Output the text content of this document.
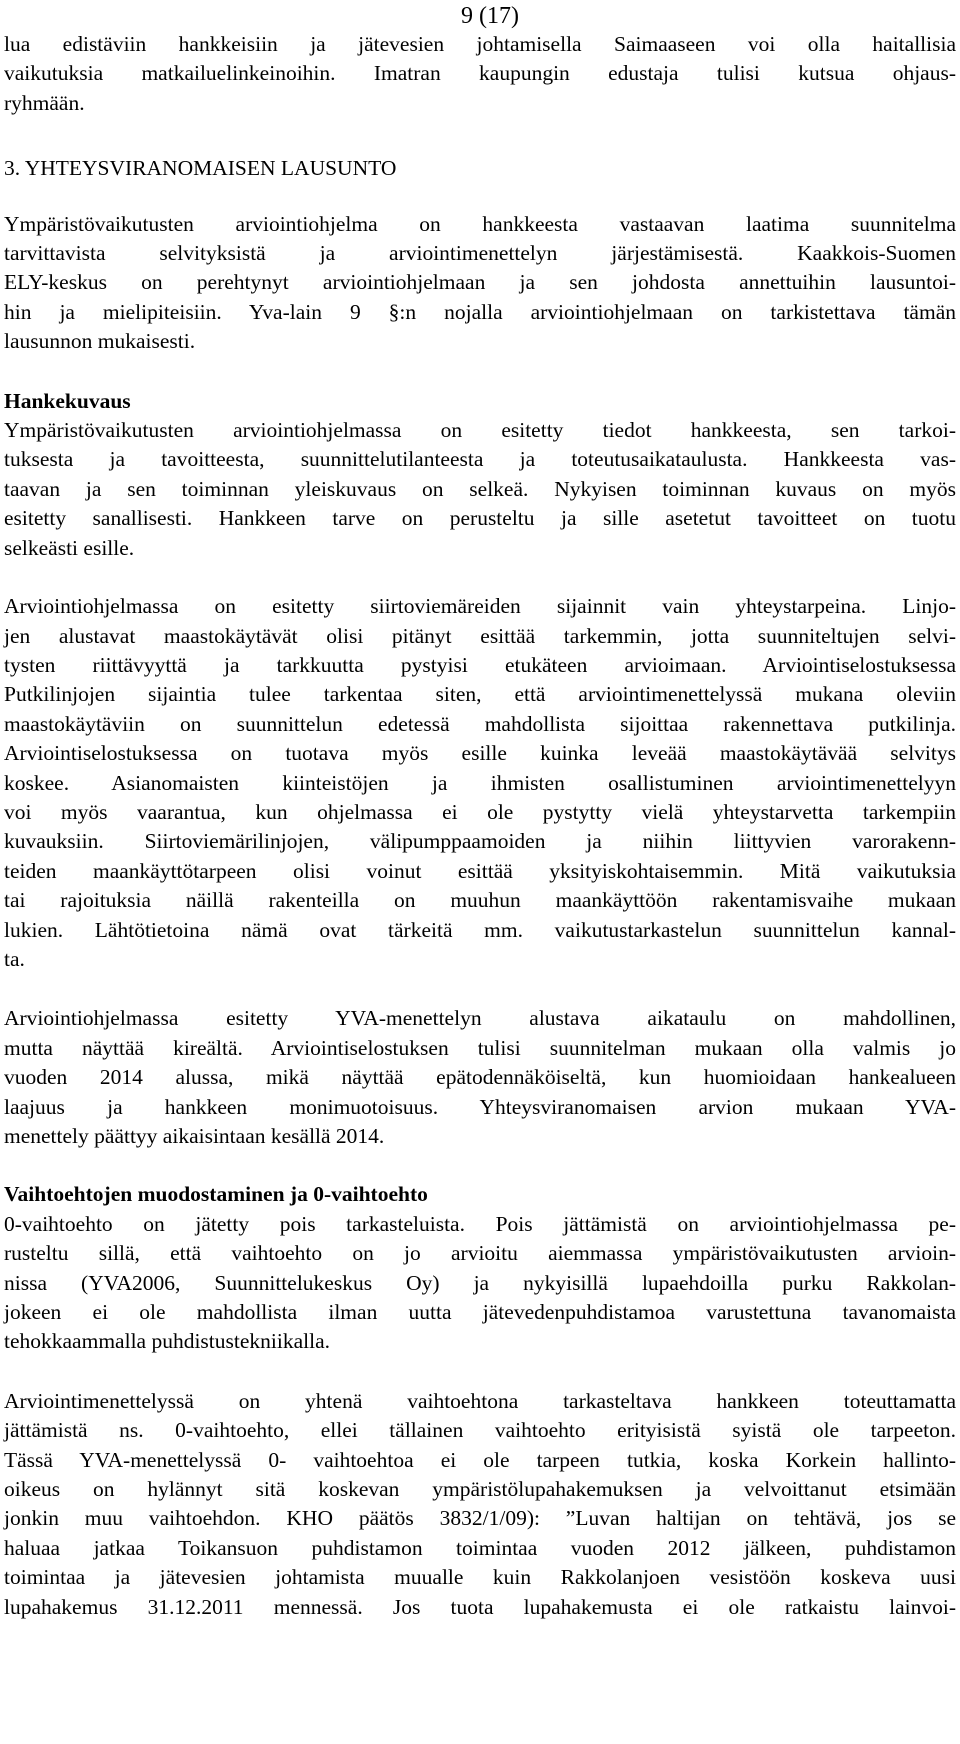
9 (17)

lua edistäviin hankkeisiin ja jätevesien johtamisella Saimaaseen voi olla haitallisia
vaikutuksia matkailuelinkeinoihin. Imatran kaupungin edustaja tulisi kutsua ohjaus-
ryhmään.
3. YHTEYSVIRANOMAISEN LAUSUNTO
Ympäristövaikutusten arviointiohjelma on hankkeesta vastaavan laatima suunnitelma
tarvittavista selvityksistä ja arviointimenettelyn järjestämisestä. Kaakkois-Suomen
ELY-keskus on perehtynyt arviointiohjelmaan ja sen johdosta annettuihin lausuntoi-
hin ja mielipiteisiin. Yva-lain 9 §:n nojalla arviointiohjelmaan on tarkistettava tämän
lausunnon mukaisesti.
Hankekuvaus
Ympäristövaikutusten arviointiohjelmassa on esitetty tiedot hankkeesta, sen tarkoi-
tuksesta ja tavoitteesta, suunnittelutilanteesta ja toteutusaikataulusta. Hankkeesta vas-
taavan ja sen toiminnan yleiskuvaus on selkeä. Nykyisen toiminnan kuvaus on myös
esitetty sanallisesti. Hankkeen tarve on perusteltu ja sille asetetut tavoitteet on tuotu
selkeästi esille.
Arviointiohjelmassa on esitetty siirtoviemäreiden sijainnit vain yhteystarpeina. Linjo-
jen alustavat maastokäytävät olisi pitänyt esittää tarkemmin, jotta suunniteltujen selvi-
tysten riittävyyttä ja tarkkuutta pystyisi etukäteen arvioimaan. Arviointiselostuksessa
Putkilinjojen sijaintia tulee tarkentaa siten, että arviointimenettelyssä mukana oleviin
maastokäytäviin on suunnittelun edetessä mahdollista sijoittaa rakennettava putkilinja.
Arviointiselostuksessa on tuotava myös esille kuinka leveää maastokäytävää selvitys
koskee. Asianomaisten kiinteistöjen ja ihmisten osallistuminen arviointimenettelyyn
voi myös vaarantua, kun ohjelmassa ei ole pystytty vielä yhteystarvetta tarkempiin
kuvauksiin. Siirtoviemärilinjojen, välipumppaamoiden ja niihin liittyvien varorakenn-
teiden maankäyttötarpeen olisi voinut esittää yksityiskohtaisemmin. Mitä vaikutuksia
tai rajoituksia näillä rakenteilla on muuhun maankäyttöön rakentamisvaihe mukaan
lukien. Lähtötietoina nämä ovat tärkeitä mm. vaikutustarkastelun suunnittelun kannal-
ta.
Arviointiohjelmassa esitetty YVA-menettelyn alustava aikataulu on mahdollinen,
mutta näyttää kireältä. Arviointiselostuksen tulisi suunnitelman mukaan olla valmis jo
vuoden 2014 alussa, mikä näyttää epätodennäköiseltä, kun huomioidaan hankealueen
laajuus ja hankkeen monimuotoisuus. Yhteysviranomaisen arvion mukaan YVA-
menettely päättyy aikaisintaan kesällä 2014.
Vaihtoehtojen muodostaminen ja 0-vaihtoehto
0-vaihtoehto on jätetty pois tarkasteluista. Pois jättämistä on arviointiohjelmassa pe-
rusteltu sillä, että vaihtoehto on jo arvioitu aiemmassa ympäristövaikutusten arvioin-
nissa (YVA2006, Suunnittelukeskus Oy) ja nykyisillä lupaehdoilla purku Rakkolan-
jokeen ei ole mahdollista ilman uutta jätevedenpuhdistamoa varustettuna tavanomaista
tehokkaammalla puhdistustekniikalla.
Arviointimenettelyssä on yhtenä vaihtoehtona tarkasteltava hankkeen toteuttamatta
jättämistä ns. 0-vaihtoehto, ellei tällainen vaihtoehto erityisistä syistä ole tarpeeton.
Tässä YVA-menettelyssä 0- vaihtoehtoa ei ole tarpeen tutkia, koska Korkein hallinto-
oikeus on hylännyt sitä koskevan ympäristölupahakemuksen ja velvoittanut etsimään
jonkin muu vaihtoehdon. KHO päätös 3832/1/09): ”Luvan haltijan on tehtävä, jos se
haluaa jatkaa Toikansuon puhdistamon toimintaa vuoden 2012 jälkeen, puhdistamon
toimintaa ja jätevesien johtamista muualle kuin Rakkolanjoen vesistöön koskeva uusi
lupahakemus 31.12.2011 mennessä. Jos tuota lupahakemusta ei ole ratkaistu lainvoi-
